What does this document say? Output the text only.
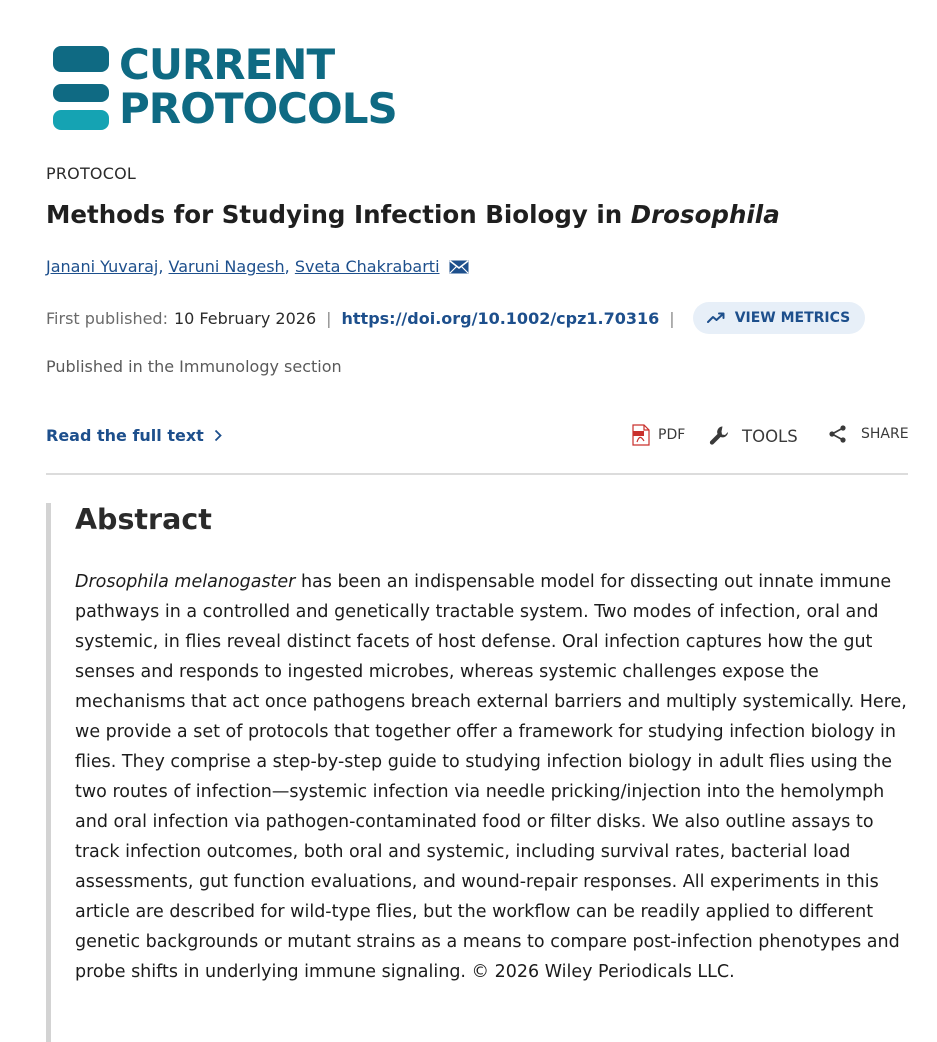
CURRENT
PROTOCOLS
PROTOCOL
Methods for Studying Infection Biology in Drosophila
Janani Yuvaraj, Varuni Nagesh, Sveta Chakrabarti
First published: 10 February 2026 | https://doi.org/10.1002/cpz1.70316 |	VIEW METRICS
Published in the Immunology section
Read the full text	PDF	TOOLS	SHARE
Abstract

Drosophila melanogaster has been an indispensable model for dissecting out innate immune pathways in a controlled and genetically tractable system. Two modes of infection, oral and systemic, in flies reveal distinct facets of host defense. Oral infection captures how the gut senses and responds to ingested microbes, whereas systemic challenges expose the mechanisms that act once pathogens breach external barriers and multiply systemically. Here, we provide a set of protocols that together offer a framework for studying infection biology in flies. They comprise a step-by-step guide to studying infection biology in adult flies using the two routes of infection—systemic infection via needle pricking/injection into the hemolymph and oral infection via pathogen-contaminated food or filter disks. We also outline assays to track infection outcomes, both oral and systemic, including survival rates, bacterial load assessments, gut function evaluations, and wound-repair responses. All experiments in this article are described for wild-type flies, but the workflow can be readily applied to different genetic backgrounds or mutant strains as a means to compare post-infection phenotypes and probe shifts in underlying immune signaling. © 2026 Wiley Periodicals LLC.
